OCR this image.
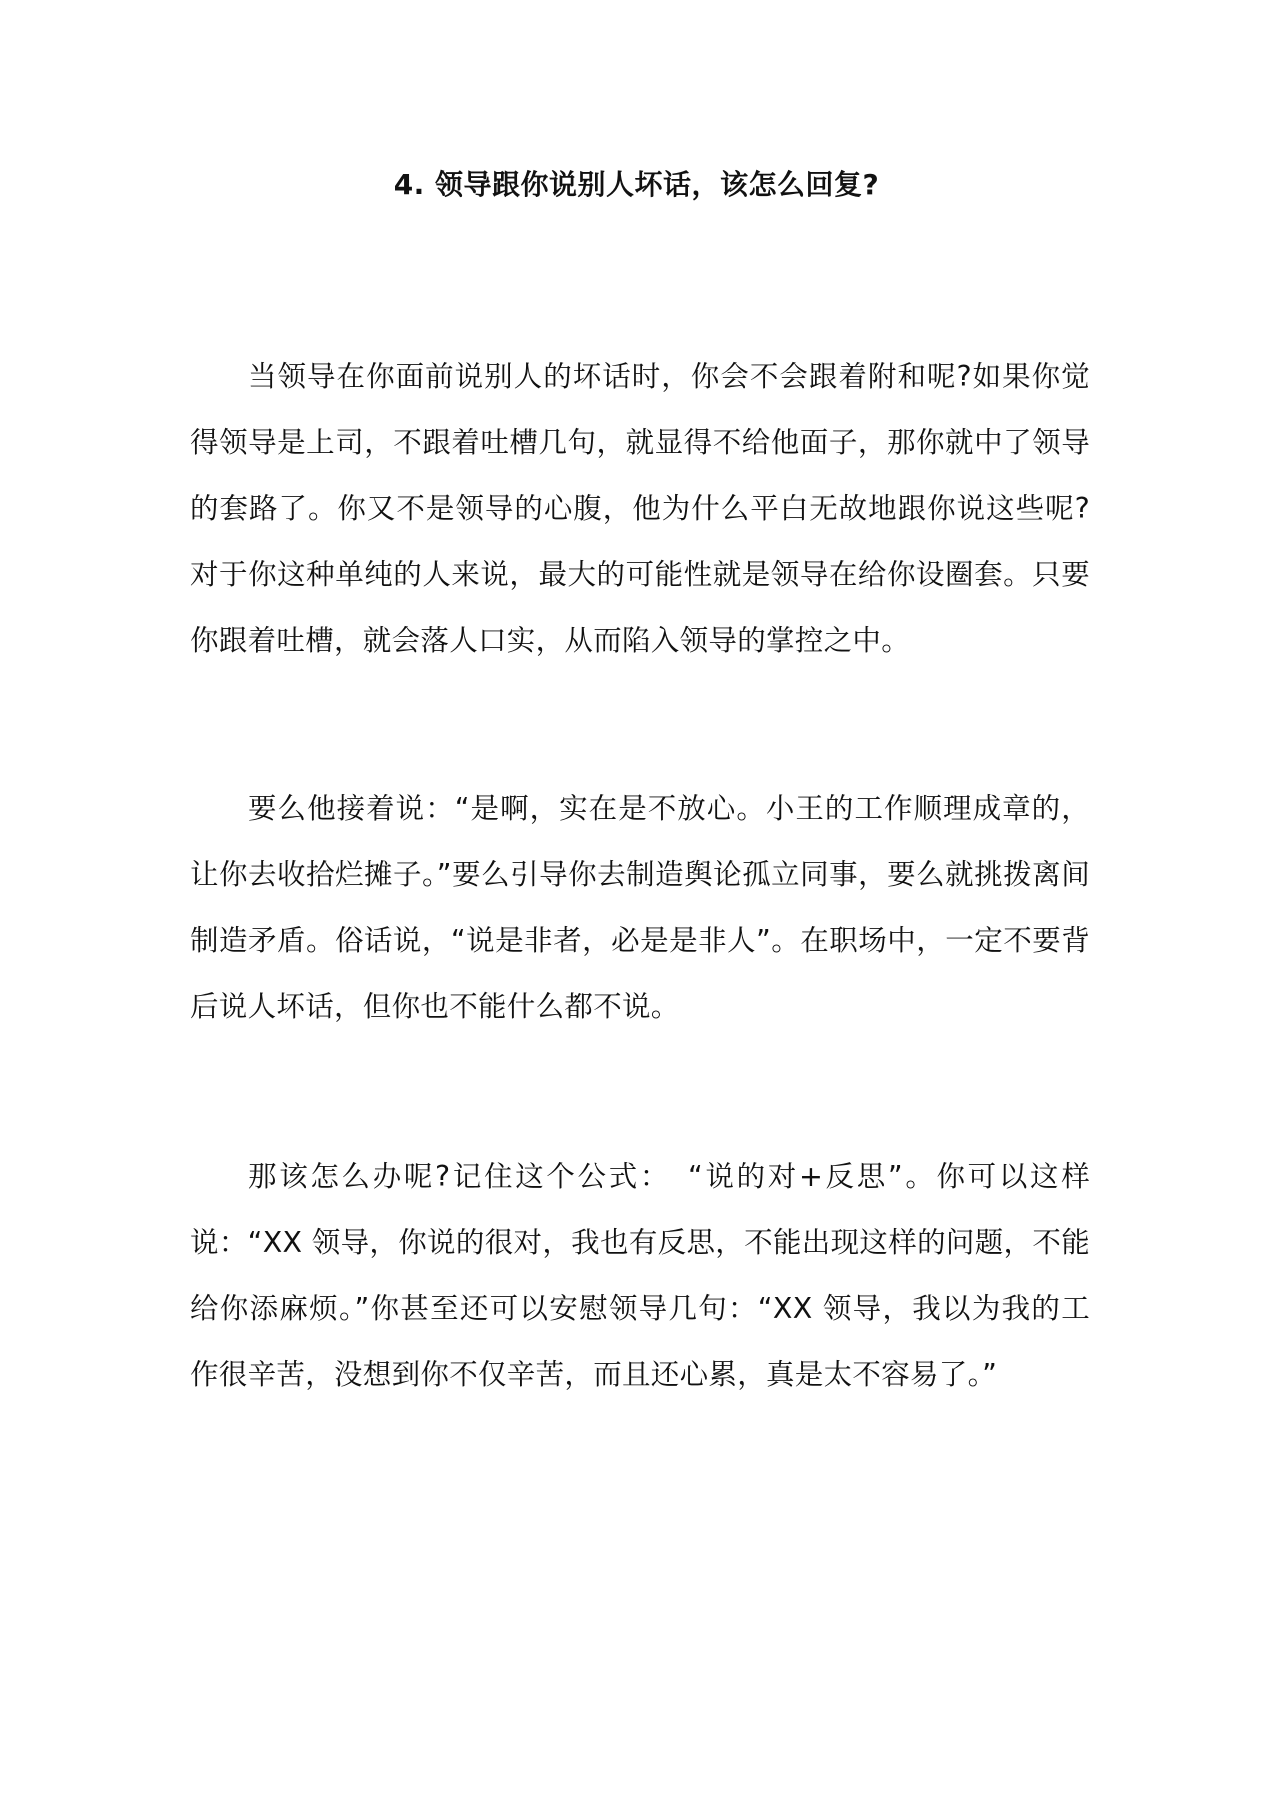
4. 领导跟你说别人坏话，该怎么回复?

当领导在你面前说别人的坏话时，你会不会跟着附和呢?如果你觉得领导是上司，不跟着吐槽几句，就显得不给他面子，那你就中了领导的套路了。你又不是领导的心腹，他为什么平白无故地跟你说这些呢?对于你这种单纯的人来说，最大的可能性就是领导在给你设圈套。只要你跟着吐槽，就会落人口实，从而陷入领导的掌控之中。

要么他接着说：“是啊，实在是不放心。小王的工作顺理成章的，让你去收拾烂摊子。”要么引导你去制造舆论孤立同事，要么就挑拨离间制造矛盾。俗话说，“说是非者，必是是非人”。在职场中，一定不要背后说人坏话，但你也不能什么都不说。

那该怎么办呢?记住这个公式：　“说的对+反思”。你可以这样说：“XX 领导，你说的很对，我也有反思，不能出现这样的问题，不能给你添麻烦。”你甚至还可以安慰领导几句：“XX 领导，我以为我的工作很辛苦，没想到你不仅辛苦，而且还心累，真是太不容易了。”
